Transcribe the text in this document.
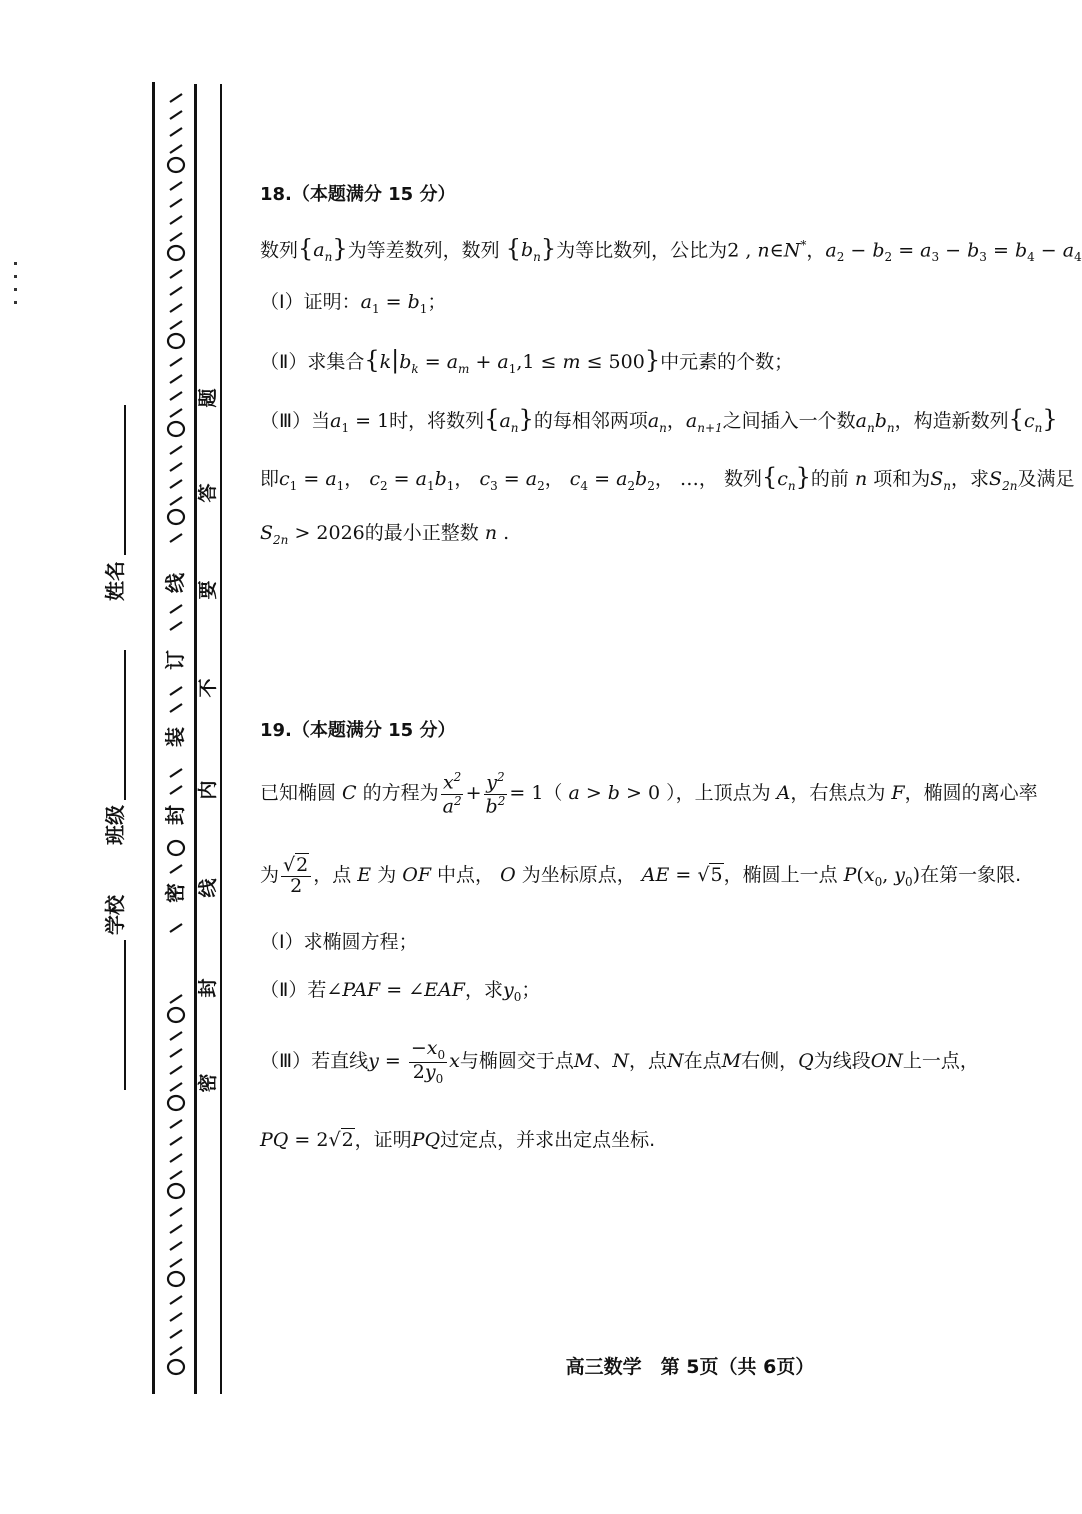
封
线
订
装
密
题
答
要
不
内
线
封
密
学校
班级
姓名
18.（本题满分 15 分）
数列$\{a_n\}$为等差数列，数列 $\{b_n\}$为等比数列，公比为2 , n∈N*，$a_2 - b_2 = a_3 - b_3 = b_4 - a_4$
（Ⅰ）证明：$a_1 = b_1$；
（Ⅱ）求集合$\{k|b_k = a_m + a_1,1 \le m \le 500\}$中元素的个数；
（Ⅲ）当$a_1 = 1$时，将数列$\{a_n\}$的每相邻两项$a_n$，$a_{n+1}$之间插入一个数$a_nb_n$，构造新数列$\{c_n\}$
即$c_1 = a_1$， $c_2 = a_1b_1$， $c_3 = a_2$， $c_4 = a_2b_2$， …， 数列$\{c_n\}$的前 n 项和为$S_n$，求$S_{2n}$及满足
$S_{2n} > 2026$的最小正整数 n .
19.（本题满分 15 分）
已知椭圆 C 的方程为 $\frac{x^2}{a^2} + \frac{y^2}{b^2} = 1$（ a > b > 0 ），上顶点为 A，右焦点为 F，椭圆的离心率
为 $\frac{√2}{2}$ ，点 E 为 OF 中点， O 为坐标原点， AE = √5，椭圆上一点 $P(x_0$, $y_0$)在第一象限.
（Ⅰ）求椭圆方程；
（Ⅱ）若∠PAF = ∠EAF，求$y_0$；
（Ⅲ）若直线$y = \frac{-x_0}{2y_0}$ x与椭圆交于点M、N，点N在点M右侧，Q为线段ON上一点，
PQ = 2√2，证明PQ过定点，并求出定点坐标.
高三数学　第 5页（共 6页）
